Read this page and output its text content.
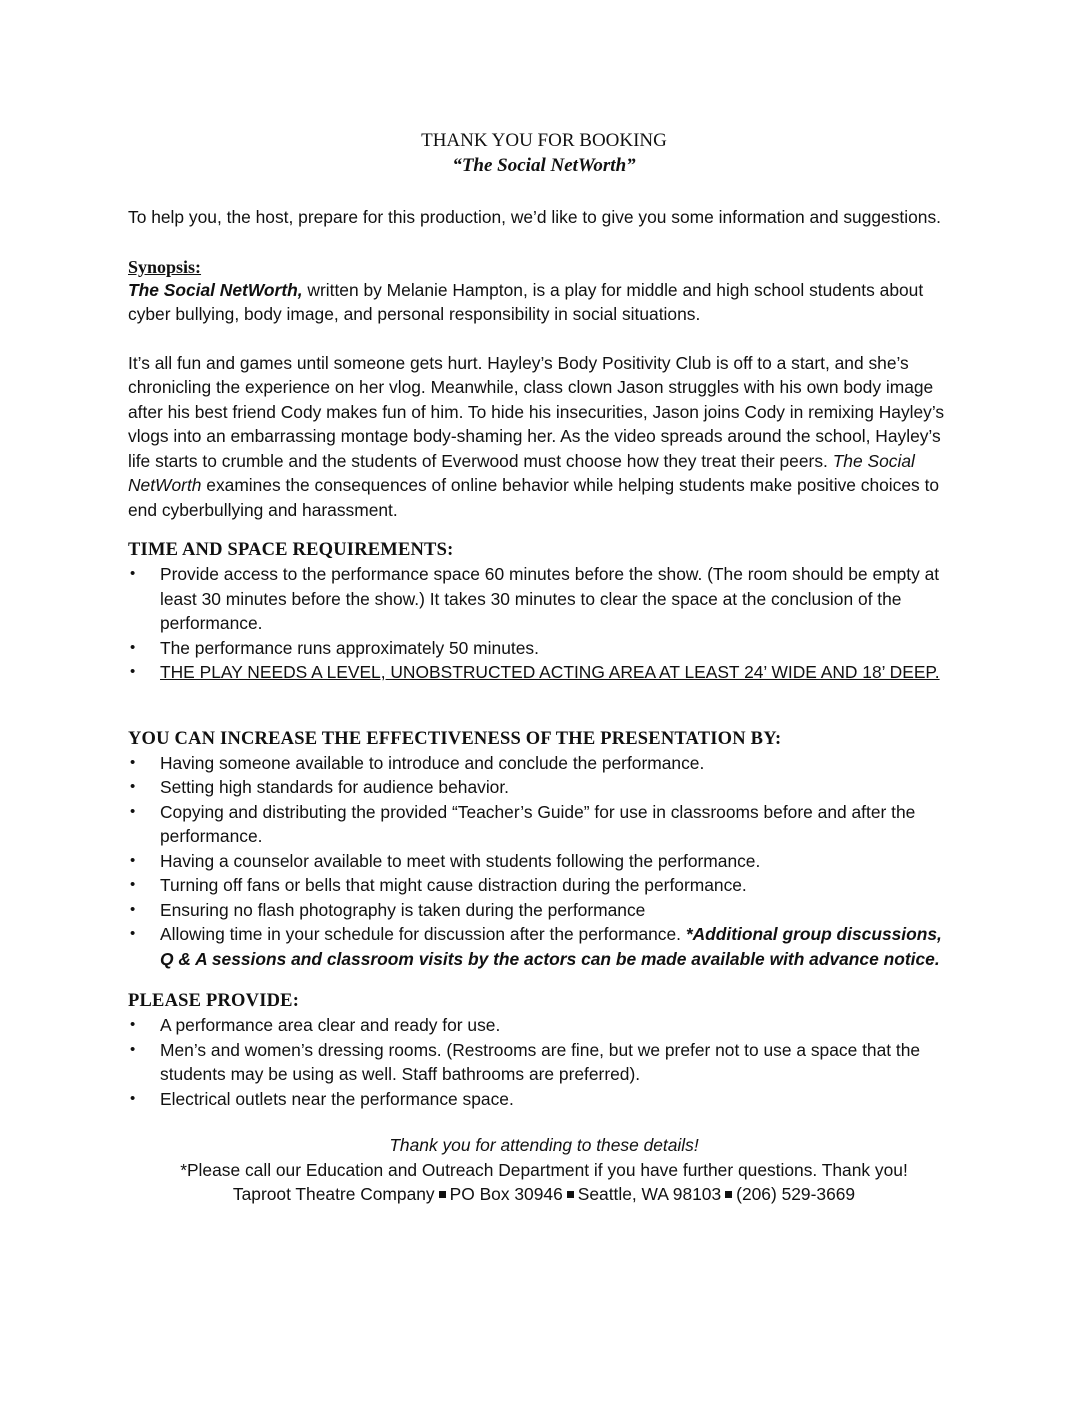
THANK YOU FOR BOOKING
“The Social NetWorth”

To help you, the host, prepare for this production, we’d like to give you some information and suggestions.

Synopsis:

The Social NetWorth, written by Melanie Hampton, is a play for middle and high school students about cyber bullying, body image, and personal responsibility in social situations.

It’s all fun and games until someone gets hurt. Hayley’s Body Positivity Club is off to a start, and she’s chronicling the experience on her vlog. Meanwhile, class clown Jason struggles with his own body image after his best friend Cody makes fun of him. To hide his insecurities, Jason joins Cody in remixing Hayley’s vlogs into an embarrassing montage body-shaming her. As the video spreads around the school, Hayley’s life starts to crumble and the students of Everwood must choose how they treat their peers. The Social NetWorth examines the consequences of online behavior while helping students make positive choices to end cyberbullying and harassment.

TIME AND SPACE REQUIREMENTS:
• Provide access to the performance space 60 minutes before the show. (The room should be empty at least 30 minutes before the show.) It takes 30 minutes to clear the space at the conclusion of the performance.
• The performance runs approximately 50 minutes.
• THE PLAY NEEDS A LEVEL, UNOBSTRUCTED ACTING AREA AT LEAST 24’ WIDE AND 18’ DEEP.
YOU CAN INCREASE THE EFFECTIVENESS OF THE PRESENTATION BY:
• Having someone available to introduce and conclude the performance.
• Setting high standards for audience behavior.
• Copying and distributing the provided “Teacher’s Guide” for use in classrooms before and after the performance.
• Having a counselor available to meet with students following the performance.
• Turning off fans or bells that might cause distraction during the performance.
• Ensuring no flash photography is taken during the performance
• Allowing time in your schedule for discussion after the performance. *Additional group discussions, Q & A sessions and classroom visits by the actors can be made available with advance notice.
PLEASE PROVIDE:
• A performance area clear and ready for use.
• Men’s and women’s dressing rooms. (Restrooms are fine, but we prefer not to use a space that the students may be using as well. Staff bathrooms are preferred).
• Electrical outlets near the performance space.
Thank you for attending to these details!
*Please call our Education and Outreach Department if you have further questions. Thank you!
Taproot Theatre Company PO Box 30946 Seattle, WA 98103 (206) 529-3669
